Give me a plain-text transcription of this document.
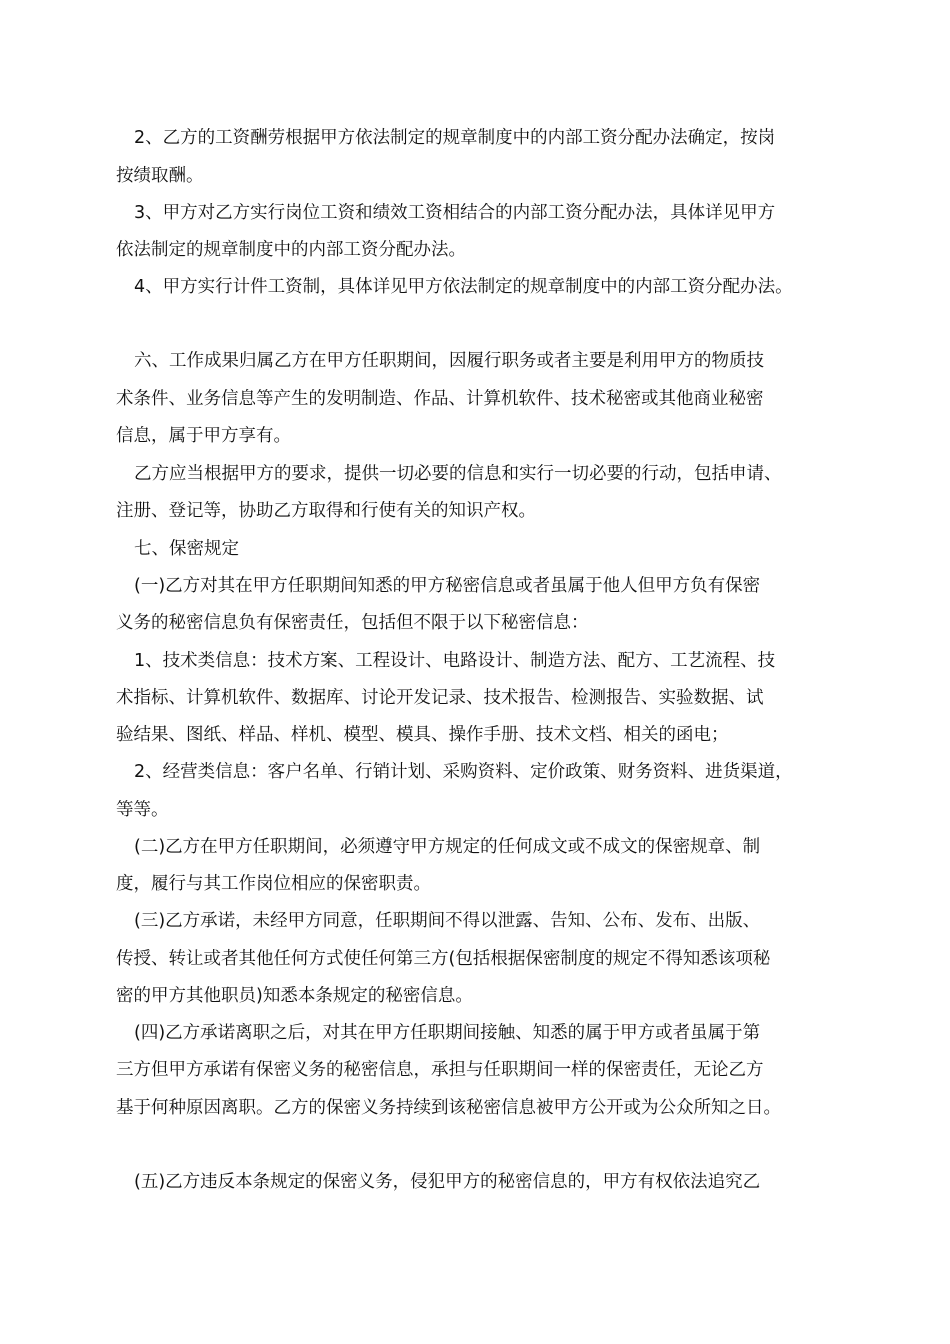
2、乙方的工资酬劳根据甲方依法制定的规章制度中的内部工资分配办法确定，按岗
按绩取酬。
3、甲方对乙方实行岗位工资和绩效工资相结合的内部工资分配办法，具体详见甲方
依法制定的规章制度中的内部工资分配办法。
4、甲方实行计件工资制，具体详见甲方依法制定的规章制度中的内部工资分配办法。
六、工作成果归属乙方在甲方任职期间，因履行职务或者主要是利用甲方的物质技
术条件、业务信息等产生的发明制造、作品、计算机软件、技术秘密或其他商业秘密
信息，属于甲方享有。
乙方应当根据甲方的要求，提供一切必要的信息和实行一切必要的行动，包括申请、
注册、登记等，协助乙方取得和行使有关的知识产权。
七、保密规定
(一)乙方对其在甲方任职期间知悉的甲方秘密信息或者虽属于他人但甲方负有保密
义务的秘密信息负有保密责任，包括但不限于以下秘密信息：
1、技术类信息：技术方案、工程设计、电路设计、制造方法、配方、工艺流程、技
术指标、计算机软件、数据库、讨论开发记录、技术报告、检测报告、实验数据、试
验结果、图纸、样品、样机、模型、模具、操作手册、技术文档、相关的函电；
2、经营类信息：客户名单、行销计划、采购资料、定价政策、财务资料、进货渠道，
等等。
(二)乙方在甲方任职期间，必须遵守甲方规定的任何成文或不成文的保密规章、制
度，履行与其工作岗位相应的保密职责。
(三)乙方承诺，未经甲方同意，任职期间不得以泄露、告知、公布、发布、出版、
传授、转让或者其他任何方式使任何第三方(包括根据保密制度的规定不得知悉该项秘
密的甲方其他职员)知悉本条规定的秘密信息。
(四)乙方承诺离职之后，对其在甲方任职期间接触、知悉的属于甲方或者虽属于第
三方但甲方承诺有保密义务的秘密信息，承担与任职期间一样的保密责任，无论乙方
基于何种原因离职。乙方的保密义务持续到该秘密信息被甲方公开或为公众所知之日。
(五)乙方违反本条规定的保密义务，侵犯甲方的秘密信息的，甲方有权依法追究乙
